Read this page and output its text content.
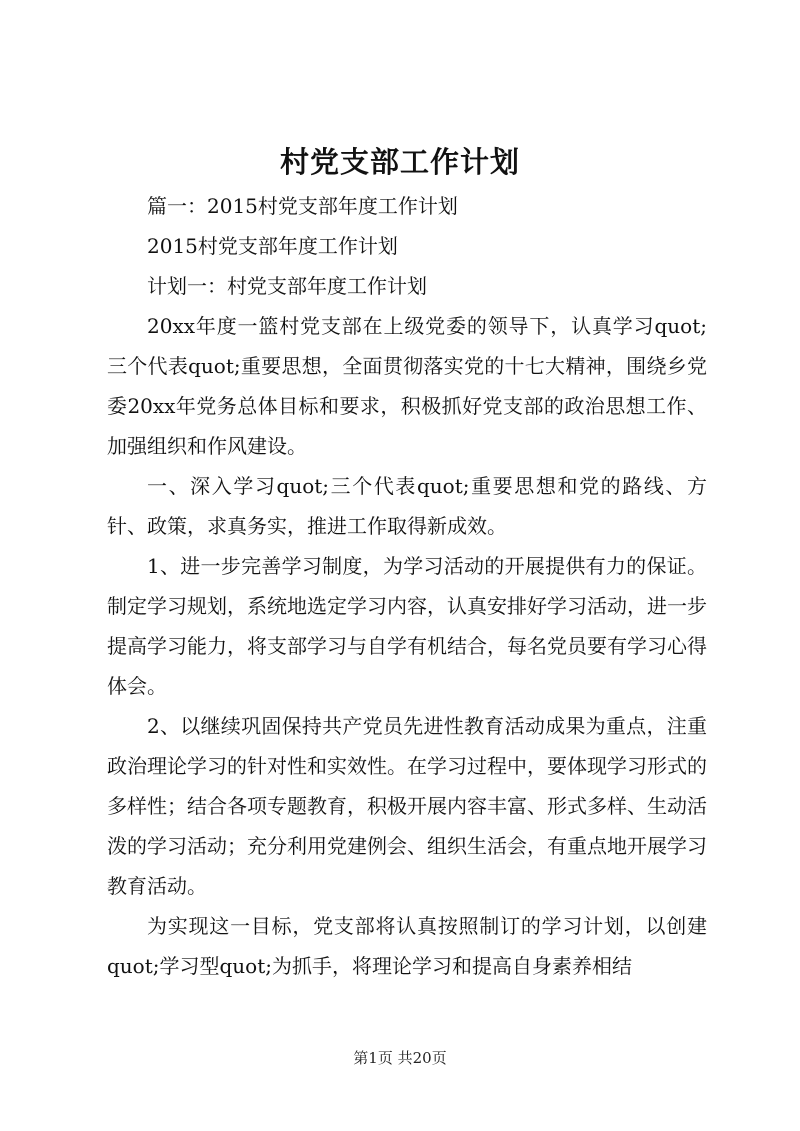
村党支部工作计划

篇一：2015村党支部年度工作计划

2015村党支部年度工作计划

计划一：村党支部年度工作计划

20xx年度一篮村党支部在上级党委的领导下，认真学习quot;三个代表quot;重要思想，全面贯彻落实党的十七大精神，围绕乡党委20xx年党务总体目标和要求，积极抓好党支部的政治思想工作、加强组织和作风建设。

一、深入学习quot;三个代表quot;重要思想和党的路线、方针、政策，求真务实，推进工作取得新成效。

1、进一步完善学习制度，为学习活动的开展提供有力的保证。制定学习规划，系统地选定学习内容，认真安排好学习活动，进一步提高学习能力，将支部学习与自学有机结合，每名党员要有学习心得体会。

2、以继续巩固保持共产党员先进性教育活动成果为重点，注重政治理论学习的针对性和实效性。在学习过程中，要体现学习形式的多样性；结合各项专题教育，积极开展内容丰富、形式多样、生动活泼的学习活动；充分利用党建例会、组织生活会，有重点地开展学习教育活动。

为实现这一目标，党支部将认真按照制订的学习计划，以创建quot;学习型quot;为抓手，将理论学习和提高自身素养相结

第1页 共20页
